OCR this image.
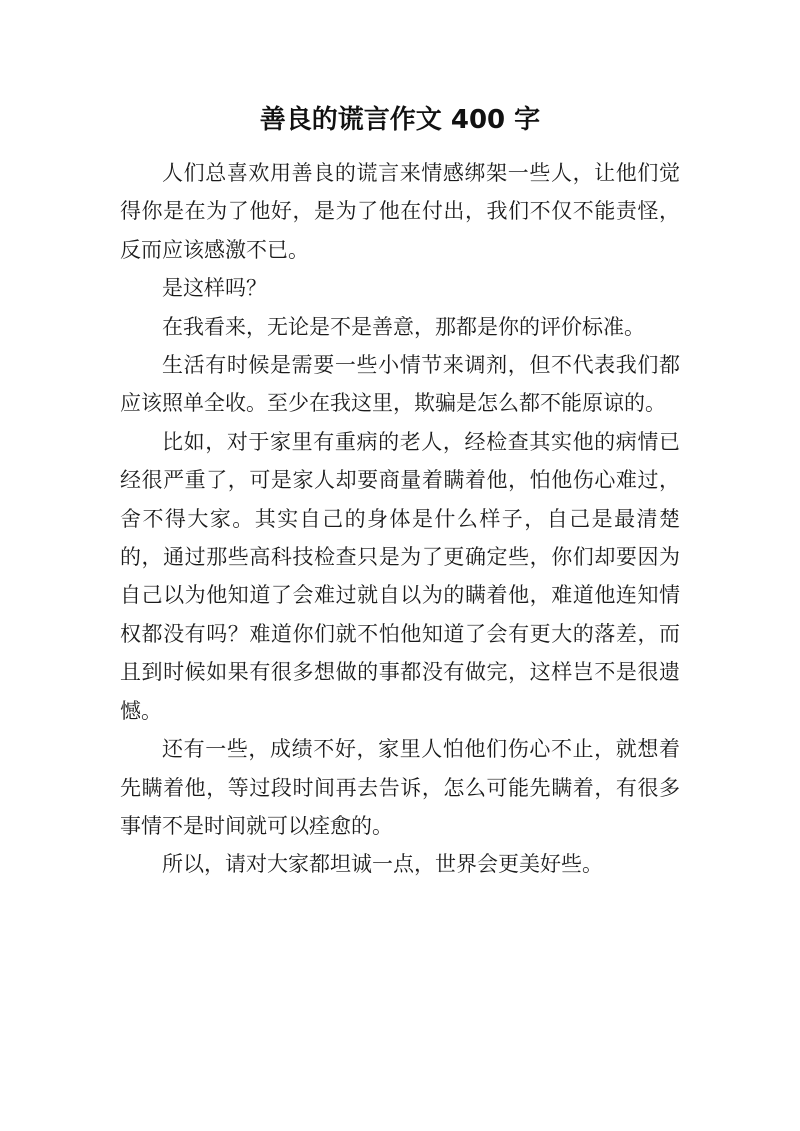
善良的谎言作文 400 字

人们总喜欢用善良的谎言来情感绑架一些人，让他们觉得你是在为了他好，是为了他在付出，我们不仅不能责怪，反而应该感激不已。

是这样吗？

在我看来，无论是不是善意，那都是你的评价标准。

生活有时候是需要一些小情节来调剂，但不代表我们都应该照单全收。至少在我这里，欺骗是怎么都不能原谅的。

比如，对于家里有重病的老人，经检查其实他的病情已经很严重了，可是家人却要商量着瞒着他，怕他伤心难过，舍不得大家。其实自己的身体是什么样子，自己是最清楚的，通过那些高科技检查只是为了更确定些，你们却要因为自己以为他知道了会难过就自以为的瞒着他，难道他连知情权都没有吗？难道你们就不怕他知道了会有更大的落差，而且到时候如果有很多想做的事都没有做完，这样岂不是很遗憾。

还有一些，成绩不好，家里人怕他们伤心不止，就想着先瞒着他，等过段时间再去告诉，怎么可能先瞒着，有很多事情不是时间就可以痊愈的。

所以，请对大家都坦诚一点，世界会更美好些。
